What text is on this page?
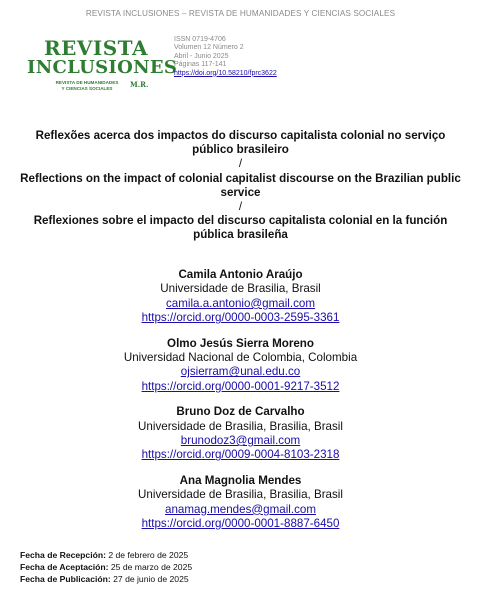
REVISTA INCLUSIONES – REVISTA DE HUMANIDADES Y CIENCIAS SOCIALES
REVISTA
INCLUSIONES
REVISTA DE HUMANIDADES
Y CIENCIAS SOCIALES	M.R.
ISSN 0719-4706
Volumen 12 Número 2
Abril - Junio 2025
Páginas 117-141
https://doi.org/10.58210/fprc3622
Reflexões acerca dos impactos do discurso capitalista colonial no serviço público brasileiro
/
Reflections on the impact of colonial capitalist discourse on the Brazilian public service
/
Reflexiones sobre el impacto del discurso capitalista colonial en la función pública brasileña
Camila Antonio Araújo
Universidade de Brasilia, Brasil
camila.a.antonio@gmail.com
https://orcid.org/0000-0003-2595-3361
Olmo Jesús Sierra Moreno
Universidad Nacional de Colombia, Colombia
ojsierram@unal.edu.co
https://orcid.org/0000-0001-9217-3512
Bruno Doz de Carvalho
Universidade de Brasilia, Brasilia, Brasil
brunodoz3@gmail.com
https://orcid.org/0009-0004-8103-2318
Ana Magnolia Mendes
Universidade de Brasilia, Brasilia, Brasil
anamag.mendes@gmail.com
https://orcid.org/0000-0001-8887-6450
Fecha de Recepción: 2 de febrero de 2025
Fecha de Aceptación: 25 de marzo de 2025
Fecha de Publicación: 27 de junio de 2025
